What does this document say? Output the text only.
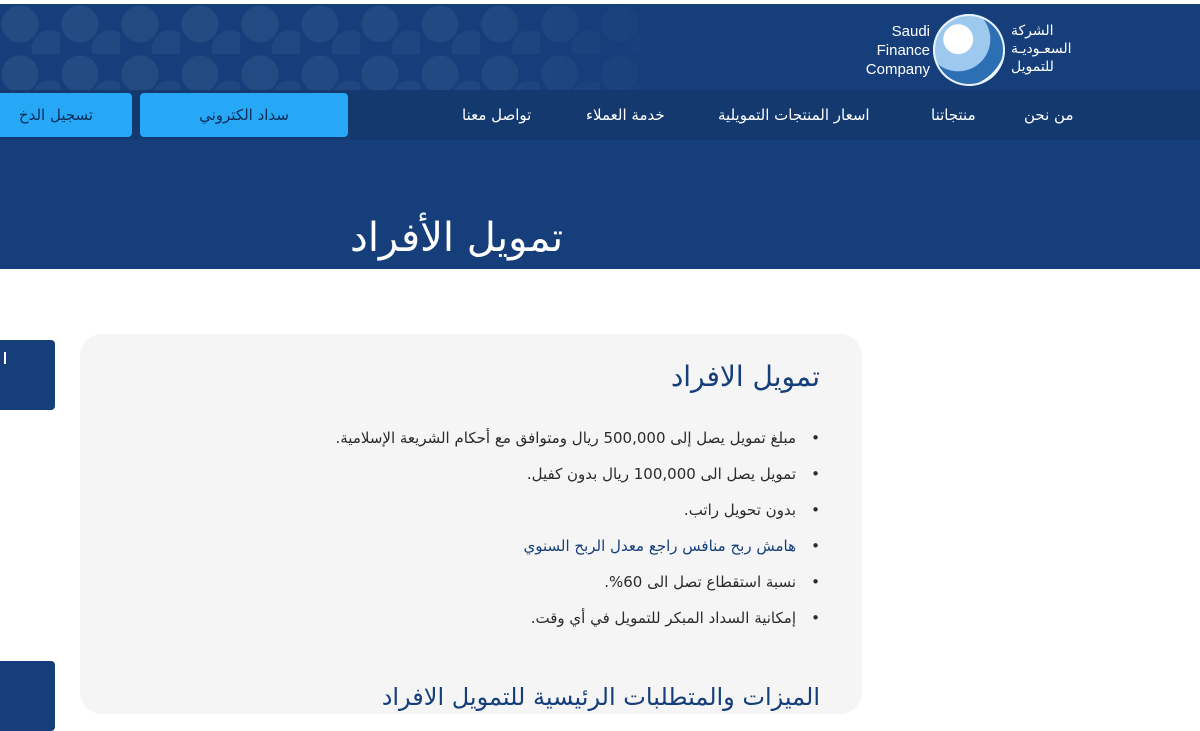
Saudi
Finance
Company
الشركة
السعـوديـة
للتمويل
من نحن
منتجاتنا
اسعار المنتجات التمويلية
خدمة العملاء
تواصل معنا
سداد الكتروني
تسجيل الدخ
تمويل الأفراد
تمويل الافراد
• مبلغ تمويل يصل إلى 500,000 ريال ومتوافق مع أحكام الشريعة الإسلامية.
• تمويل يصل الى 100,000 ريال بدون كفيل.
• بدون تحويل راتب.
• هامش ربح منافس راجع معدل الربح السنوي
• نسبة استقطاع تصل الى 60%.
• إمكانية السداد المبكر للتمويل في أي وقت.
الميزات والمتطلبات الرئيسية للتمويل الافراد
